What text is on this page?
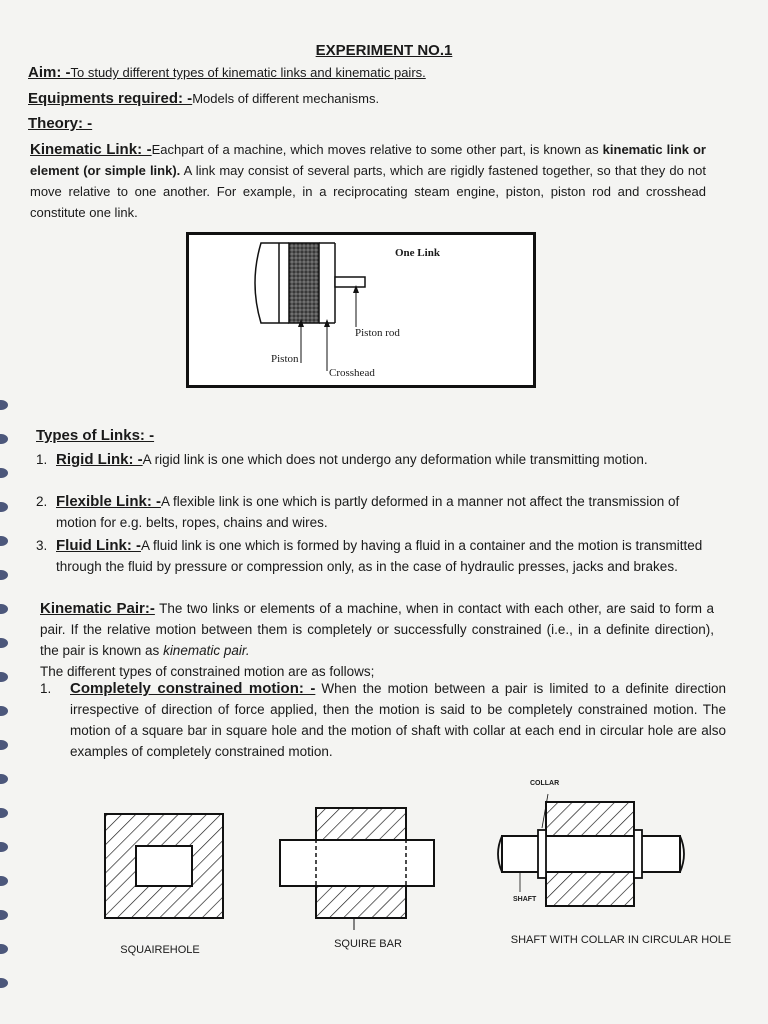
EXPERIMENT NO.1
Aim: -To study different types of kinematic links and kinematic pairs.
Equipments required: -Models of different mechanisms.
Theory: -
Kinematic Link: -Eachpart of a machine, which moves relative to some other part, is known as kinematic link or element (or simple link). A link may consist of several parts, which are rigidly fastened together, so that they do not move relative to one another. For example, in a reciprocating steam engine, piston, piston rod and crosshead constitute one link.
One Link
Piston rod
Piston
Crosshead
Types of Links: -
1. Rigid Link: -A rigid link is one which does not undergo any deformation while transmitting motion.
2. Flexible Link: -A flexible link is one which is partly deformed in a manner not affect the transmission of motion for e.g. belts, ropes, chains and wires.
3. Fluid Link: -A fluid link is one which is formed by having a fluid in a container and the motion is transmitted through the fluid by pressure or compression only, as in the case of hydraulic presses, jacks and brakes.
Kinematic Pair:- The two links or elements of a machine, when in contact with each other, are said to form a pair. If the relative motion between them is completely or successfully constrained (i.e., in a definite direction), the pair is known as kinematic pair.
The different types of constrained motion are as follows;
1. Completely constrained motion: - When the motion between a pair is limited to a definite direction irrespective of direction of force applied, then the motion is said to be completely constrained motion. The motion of a square bar in square hole and the motion of shaft with collar at each end in circular hole are also examples of completely constrained motion.
COLLAR
SHAFT
SQUAIREHOLE	SQUIRE BAR	SHAFT WITH COLLAR IN CIRCULAR HOLE
